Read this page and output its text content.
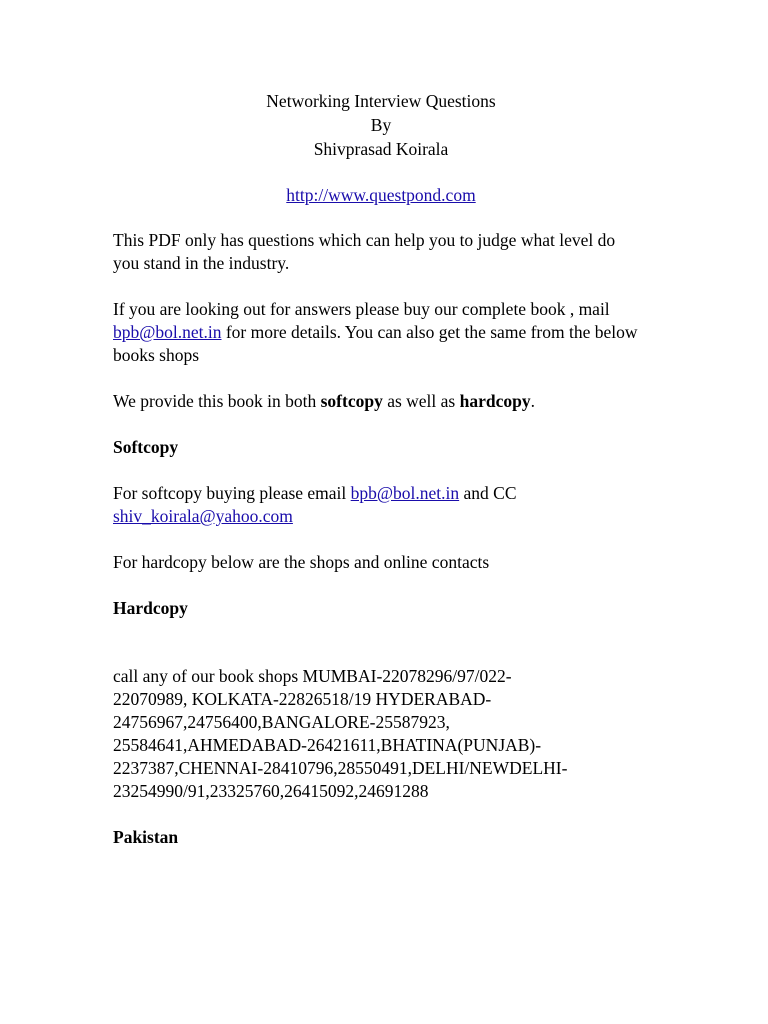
Networking Interview Questions
By
Shivprasad Koirala
http://www.questpond.com

This PDF only has questions which can help you to judge what level do you stand in the industry.

If you are looking out for answers please buy our complete book , mail bpb@bol.net.in for more details. You can also get the same from the below books shops

We provide this book in both softcopy as well as hardcopy.

Softcopy

For softcopy buying please email bpb@bol.net.in and CC
shiv_koirala@yahoo.com

For hardcopy below are the shops and online contacts

Hardcopy

call any of our book shops MUMBAI-22078296/97/022-
22070989, KOLKATA-22826518/19 HYDERABAD-
24756967,24756400,BANGALORE-25587923,
25584641,AHMEDABAD-26421611,BHATINA(PUNJAB)-
2237387,CHENNAI-28410796,28550491,DELHI/NEWDELHI-
23254990/91,23325760,26415092,24691288

Pakistan
